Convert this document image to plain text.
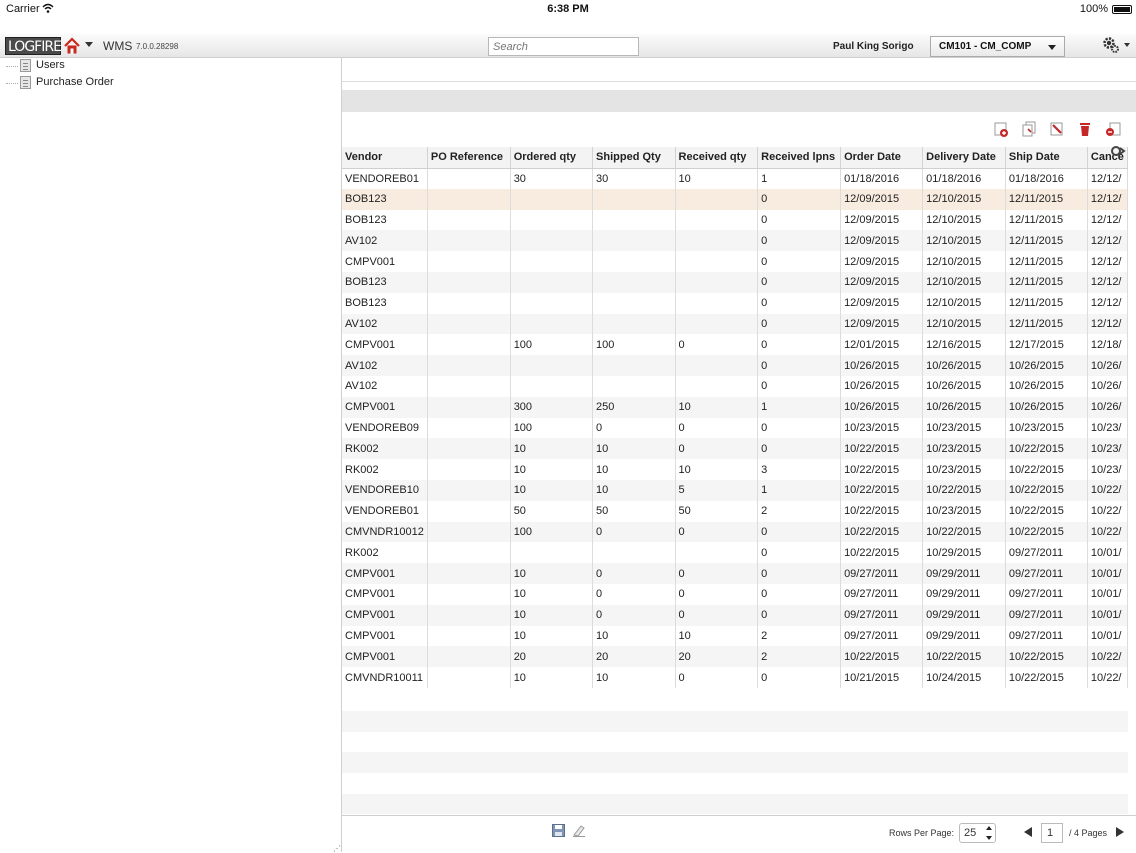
Carrier	6:38 PM	100%
LOGFIRE	WMS 7.0.0.28298
Search	Paul King Sorigo	CM101 - CM_COMP
Users
Purchase Order
⋰
Vendor	PO Reference	Ordered qty	Shipped Qty	Received qty	Received lpns	Order Date	Delivery Date	Ship Date	Cance
VENDOREB01		30	30	10	1	01/18/2016	01/18/2016	01/18/2016	12/12/
BOB123					0	12/09/2015	12/10/2015	12/11/2015	12/12/
BOB123					0	12/09/2015	12/10/2015	12/11/2015	12/12/
AV102					0	12/09/2015	12/10/2015	12/11/2015	12/12/
CMPV001					0	12/09/2015	12/10/2015	12/11/2015	12/12/
BOB123					0	12/09/2015	12/10/2015	12/11/2015	12/12/
BOB123					0	12/09/2015	12/10/2015	12/11/2015	12/12/
AV102					0	12/09/2015	12/10/2015	12/11/2015	12/12/
CMPV001		100	100	0	0	12/01/2015	12/16/2015	12/17/2015	12/18/
AV102					0	10/26/2015	10/26/2015	10/26/2015	10/26/
AV102					0	10/26/2015	10/26/2015	10/26/2015	10/26/
CMPV001		300	250	10	1	10/26/2015	10/26/2015	10/26/2015	10/26/
VENDOREB09		100	0	0	0	10/23/2015	10/23/2015	10/23/2015	10/23/
RK002		10	10	0	0	10/22/2015	10/23/2015	10/22/2015	10/23/
RK002		10	10	10	3	10/22/2015	10/23/2015	10/22/2015	10/23/
VENDOREB10		10	10	5	1	10/22/2015	10/22/2015	10/22/2015	10/22/
VENDOREB01		50	50	50	2	10/22/2015	10/23/2015	10/22/2015	10/22/
CMVNDR10012		100	0	0	0	10/22/2015	10/22/2015	10/22/2015	10/22/
RK002					0	10/22/2015	10/29/2015	09/27/2011	10/01/
CMPV001		10	0	0	0	09/27/2011	09/29/2011	09/27/2011	10/01/
CMPV001		10	0	0	0	09/27/2011	09/29/2011	09/27/2011	10/01/
CMPV001		10	0	0	0	09/27/2011	09/29/2011	09/27/2011	10/01/
CMPV001		10	10	10	2	09/27/2011	09/29/2011	09/27/2011	10/01/
CMPV001		20	20	20	2	10/22/2015	10/22/2015	10/22/2015	10/22/
CMVNDR10011		10	10	0	0	10/21/2015	10/24/2015	10/22/2015	10/22/
Rows Per Page: 25	1	/ 4 Pages
